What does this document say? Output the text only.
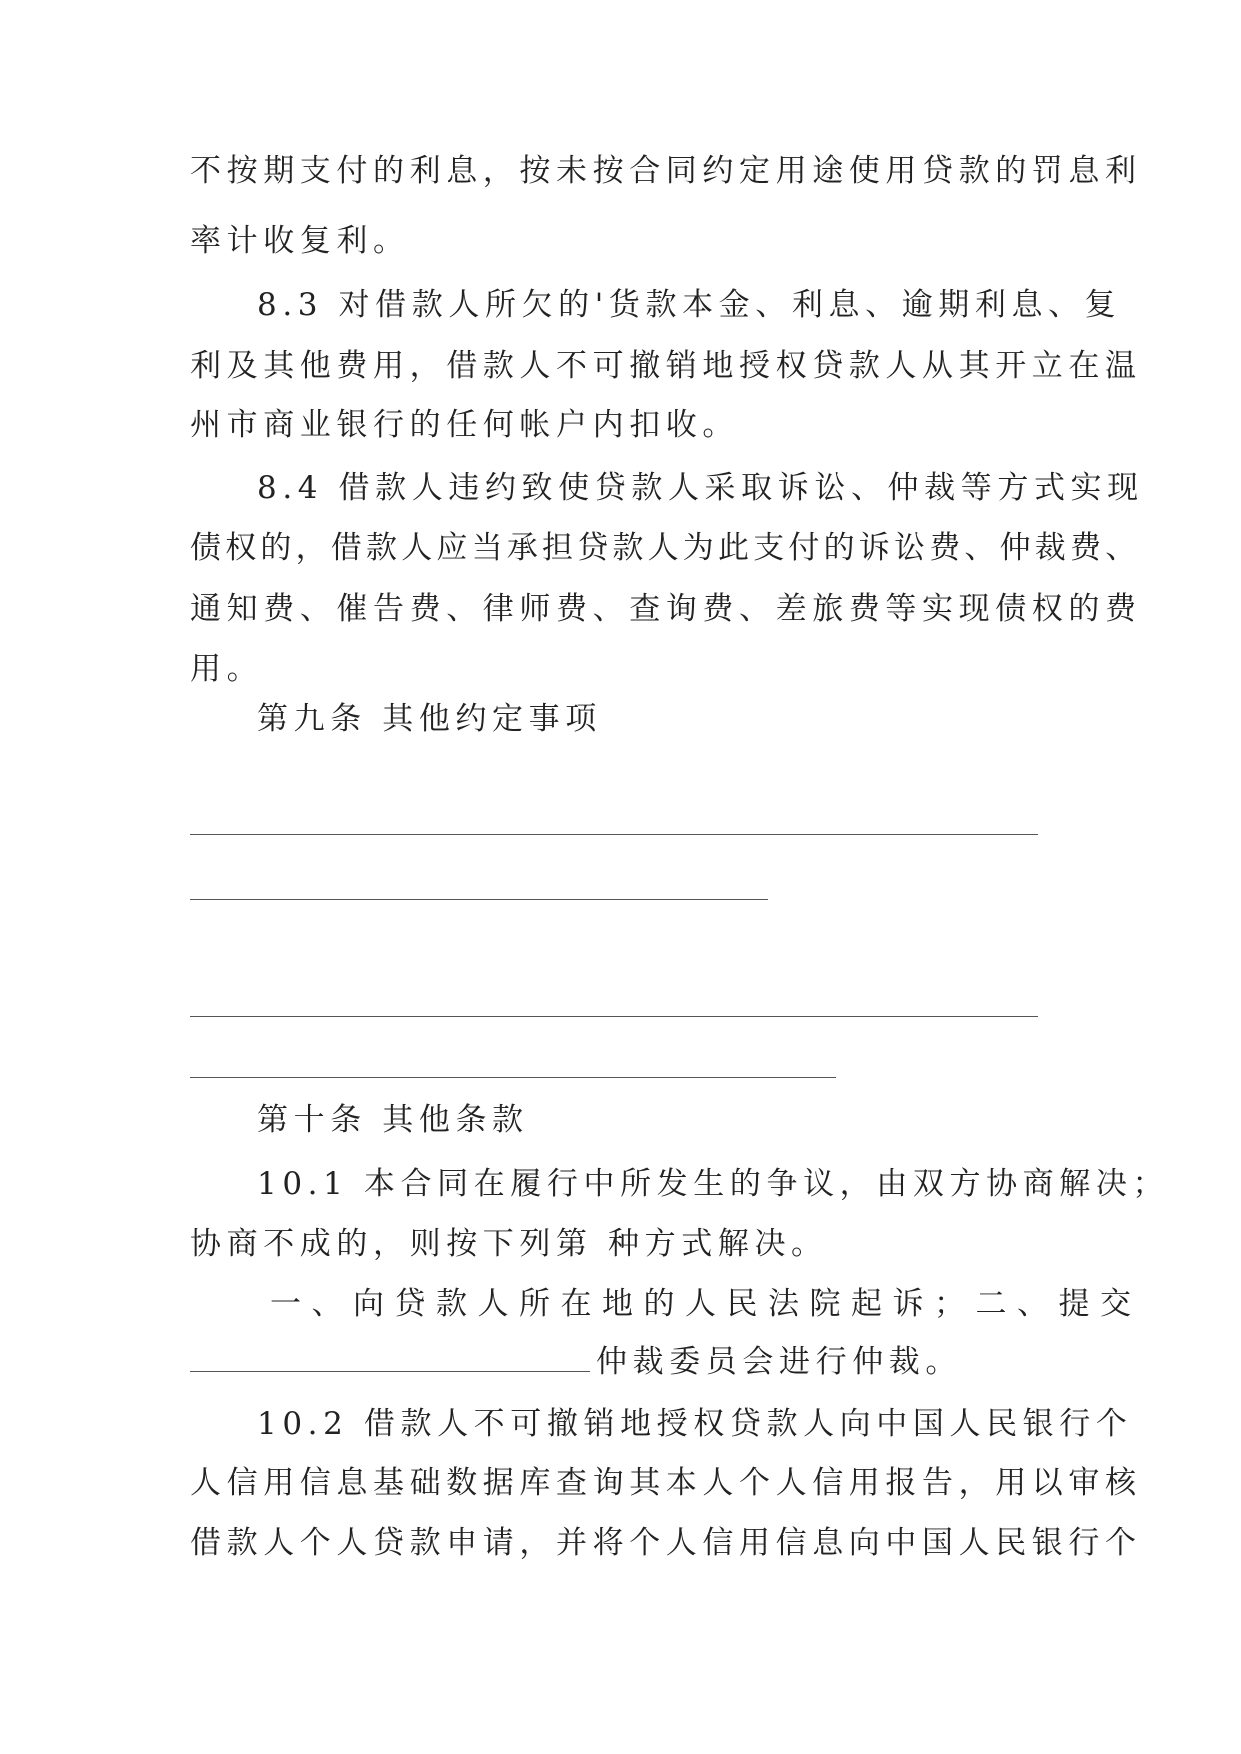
不按期支付的利息，按未按合同约定用途使用贷款的罚息利
率计收复利。
8.3 对借款人所欠的'货款本金、利息、逾期利息、复
利及其他费用，借款人不可撤销地授权贷款人从其开立在温
州市商业银行的任何帐户内扣收。
8.4 借款人违约致使贷款人采取诉讼、仲裁等方式实现
债权的，借款人应当承担贷款人为此支付的诉讼费、仲裁费、
通知费、催告费、律师费、查询费、差旅费等实现债权的费
用。
第九条 其他约定事项
第十条 其他条款
10.1 本合同在履行中所发生的争议，由双方协商解决；
协商不成的，则按下列第 种方式解决。
一、向贷款人所在地的人民法院起诉；二、提交
仲裁委员会进行仲裁。
10.2 借款人不可撤销地授权贷款人向中国人民银行个
人信用信息基础数据库查询其本人个人信用报告，用以审核
借款人个人贷款申请，并将个人信用信息向中国人民银行个
